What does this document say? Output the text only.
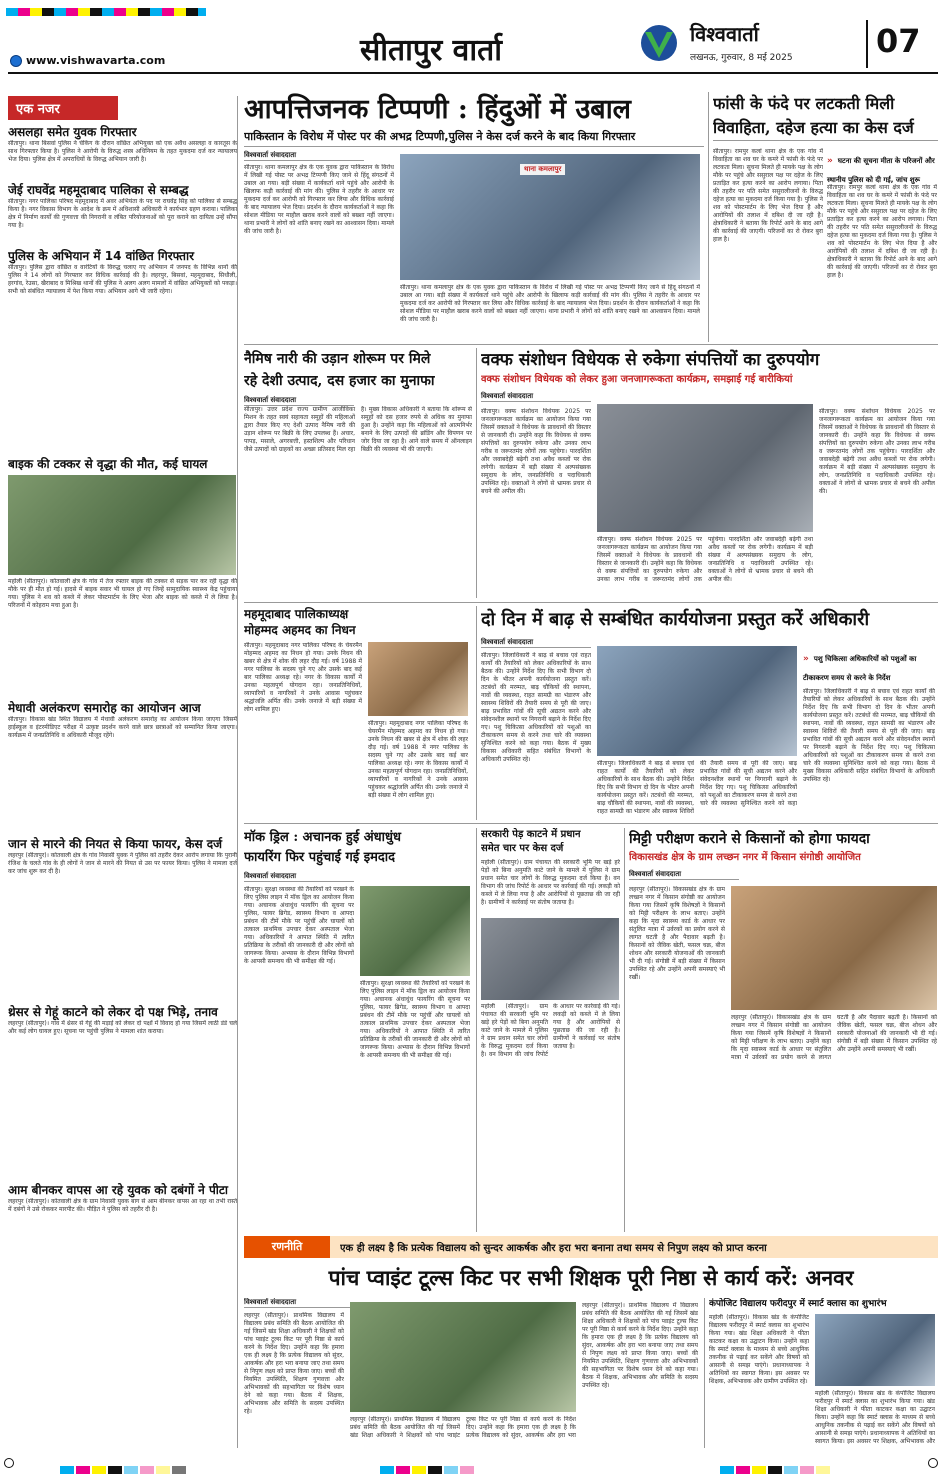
www.vishwavarta.com	सीतापुर वार्ता	विश्ववार्ता
लखनऊ, गुरुवार, 8 मई 2025	07
एक नजर
असलहा समेत युवक गिरफ्तार
सीतापुर। थाना बिसवां पुलिस ने चेकिंग के दौरान वांछित अभियुक्त को एक अवैध असलहा व कारतूस के साथ गिरफ्तार किया है। पुलिस ने आरोपी के विरुद्ध शस्त्र अधिनियम के तहत मुकदमा दर्ज कर न्यायालय भेज दिया। पुलिस क्षेत्र में अपराधियों के विरुद्ध अभियान जारी है।
जेई राघवेंद्र महमूदाबाद पालिका से सम्बद्ध
सीतापुर। नगर पालिका परिषद महमूदाबाद में अवर अभियंता के पद पर राघवेंद्र सिंह को पालिका से सम्बद्ध किया है। नगर विकास विभाग के आदेश के क्रम में अधिशासी अधिकारी ने कार्यभार ग्रहण कराया। पालिका क्षेत्र में निर्माण कार्यों की गुणवत्ता की निगरानी व लंबित परियोजनाओं को पूरा कराने का दायित्व उन्हें सौंपा गया है।
पुलिस के अभियान में 14 वांछित गिरफ्तार
सीतापुर। पुलिस द्वारा वांछित व वारंटियों के विरुद्ध चलाए गए अभियान में जनपद के विभिन्न थानों की पुलिस ने 14 लोगों को गिरफ्तार कर विधिक कार्रवाई की है। लहरपुर, बिसवां, महमूदाबाद, सिधौली, हरगांव, रेउसा, खैराबाद व मिश्रिख थानों की पुलिस ने अलग अलग मामलों में वांछित अभियुक्तों को पकड़ा। सभी को संबंधित न्यायालय में पेश किया गया। अभियान आगे भी जारी रहेगा।
बाइक की टक्कर से वृद्धा की मौत, कई घायल
महोली (सीतापुर)। कोतवाली क्षेत्र के गांव में तेज रफ्तार बाइक की टक्कर से सड़क पार कर रही वृद्धा की मौके पर ही मौत हो गई। हादसे में बाइक सवार भी घायल हो गए जिन्हें सामुदायिक स्वास्थ्य केंद्र पहुंचाया गया। पुलिस ने शव को कब्जे में लेकर पोस्टमार्टम के लिए भेजा और बाइक को कब्जे में ले लिया है। परिजनों में कोहराम मचा हुआ है।
मेधावी अलंकरण समारोह का आयोजन आज
सीतापुर। विकास खंड स्थित विद्यालय में मेधावी अलंकरण समारोह का आयोजन किया जाएगा जिसमें हाईस्कूल व इंटरमीडिएट परीक्षा में उत्कृष्ट प्रदर्शन करने वाले छात्र छात्राओं को सम्मानित किया जाएगा। कार्यक्रम में जनप्रतिनिधि व अधिकारी मौजूद रहेंगे।
जान से मारने की नियत से किया फायर, केस दर्ज
लहरपुर (सीतापुर)। कोतवाली क्षेत्र के गांव निवासी युवक ने पुलिस को तहरीर देकर आरोप लगाया कि पुरानी रंजिश के चलते गांव के ही लोगों ने जान से मारने की नियत से उस पर फायर किया। पुलिस ने मामला दर्ज कर जांच शुरू कर दी है।
थ्रेसर से गेहूं काटने को लेकर दो पक्ष भिड़े, तनाव
लहरपुर (सीतापुर)। गांव में थ्रेसर से गेहूं की मड़ाई को लेकर दो पक्षों में विवाद हो गया जिसमें लाठी डंडे चले और कई लोग घायल हुए। सूचना पर पहुंची पुलिस ने मामला शांत कराया।
आम बीनकर वापस आ रहे युवक को दबंगों ने पीटा
लहरपुर (सीतापुर)। कोतवाली क्षेत्र के ग्राम निवासी युवक बाग से आम बीनकर वापस आ रहा था तभी रास्ते में दबंगों ने उसे रोककर मारपीट की। पीड़ित ने पुलिस को तहरीर दी है।
आपत्तिजनक टिप्पणी : हिंदुओं में उबाल
पाकिस्तान के विरोध में पोस्ट पर की अभद्र टिप्पणी,पुलिस ने केस दर्ज करने के बाद किया गिरफ्तार
विश्ववार्ता संवाददाता
सीतापुर। थाना कमलापुर क्षेत्र के एक युवक द्वारा पाकिस्तान के विरोध में लिखी गई पोस्ट पर अभद्र टिप्पणी किए जाने से हिंदू संगठनों में उबाल आ गया। बड़ी संख्या में कार्यकर्ता थाने पहुंचे और आरोपी के खिलाफ कड़ी कार्रवाई की मांग की। पुलिस ने तहरीर के आधार पर मुकदमा दर्ज कर आरोपी को गिरफ्तार कर लिया और विधिक कार्रवाई के बाद न्यायालय भेज दिया। प्रदर्शन के दौरान कार्यकर्ताओं ने कहा कि सोशल मीडिया पर माहौल खराब करने वालों को बख्शा नहीं जाएगा। थाना प्रभारी ने लोगों को शांति बनाए रखने का आश्वासन दिया। मामले की जांच जारी है।
थाना कमलापुर
सीतापुर। थाना कमलापुर क्षेत्र के एक युवक द्वारा पाकिस्तान के विरोध में लिखी गई पोस्ट पर अभद्र टिप्पणी किए जाने से हिंदू संगठनों में उबाल आ गया। बड़ी संख्या में कार्यकर्ता थाने पहुंचे और आरोपी के खिलाफ कड़ी कार्रवाई की मांग की। पुलिस ने तहरीर के आधार पर मुकदमा दर्ज कर आरोपी को गिरफ्तार कर लिया और विधिक कार्रवाई के बाद न्यायालय भेज दिया। प्रदर्शन के दौरान कार्यकर्ताओं ने कहा कि सोशल मीडिया पर माहौल खराब करने वालों को बख्शा नहीं जाएगा। थाना प्रभारी ने लोगों को शांति बनाए रखने का आश्वासन दिया। मामले की जांच जारी है।
फांसी के फंदे पर लटकती मिली
विवाहिता, दहेज हत्या का केस दर्ज
सीतापुर। रामपुर कलां थाना क्षेत्र के एक गांव में विवाहिता का शव घर के कमरे में फांसी के फंदे पर लटकता मिला। सूचना मिलते ही मायके पक्ष के लोग मौके पर पहुंचे और ससुराल पक्ष पर दहेज के लिए प्रताड़ित कर हत्या करने का आरोप लगाया। पिता की तहरीर पर पति समेत ससुरालीजनों के विरुद्ध दहेज हत्या का मुकदमा दर्ज किया गया है। पुलिस ने शव को पोस्टमार्टम के लिए भेज दिया है और आरोपियों की तलाश में दबिश दी जा रही है। क्षेत्राधिकारी ने बताया कि रिपोर्ट आने के बाद आगे की कार्रवाई की जाएगी। परिजनों का रो रोकर बुरा हाल है।
» घटना की सूचना मीता के परिजनों और स्थानीय पुलिस को दी गई, जांच शुरू
सीतापुर। रामपुर कलां थाना क्षेत्र के एक गांव में विवाहिता का शव घर के कमरे में फांसी के फंदे पर लटकता मिला। सूचना मिलते ही मायके पक्ष के लोग मौके पर पहुंचे और ससुराल पक्ष पर दहेज के लिए प्रताड़ित कर हत्या करने का आरोप लगाया। पिता की तहरीर पर पति समेत ससुरालीजनों के विरुद्ध दहेज हत्या का मुकदमा दर्ज किया गया है। पुलिस ने शव को पोस्टमार्टम के लिए भेज दिया है और आरोपियों की तलाश में दबिश दी जा रही है। क्षेत्राधिकारी ने बताया कि रिपोर्ट आने के बाद आगे की कार्रवाई की जाएगी। परिजनों का रो रोकर बुरा हाल है।
नैमिष नारी की उड़ान शोरूम पर मिले
रहे देशी उत्पाद, दस हजार का मुनाफा
विश्ववार्ता संवाददाता
सीतापुर। उत्तर प्रदेश राज्य ग्रामीण आजीविका मिशन के तहत स्वयं सहायता समूहों की महिलाओं द्वारा तैयार किए गए देशी उत्पाद नैमिष नारी की उड़ान शोरूम पर बिक्री के लिए उपलब्ध हैं। अचार, पापड़, मसाले, अगरबत्ती, हस्तशिल्प और परिधान जैसे उत्पादों को ग्राहकों का अच्छा प्रतिसाद मिल रहा है। मुख्य विकास अधिकारी ने बताया कि शोरूम से समूहों को दस हजार रुपये से अधिक का मुनाफा हुआ है। उन्होंने कहा कि महिलाओं को आत्मनिर्भर बनाने के लिए उत्पादों की ब्रांडिंग और विपणन पर जोर दिया जा रहा है। आने वाले समय में ऑनलाइन बिक्री की व्यवस्था भी की जाएगी।
वक्फ संशोधन विधेयक से रुकेगा संपत्तियों का दुरुपयोग
वक्फ संशोधन विधेयक को लेकर हुआ जनजागरूकता कार्यक्रम, समझाई गई बारीकियां
विश्ववार्ता संवाददाता
सीतापुर। वक्फ संशोधन विधेयक 2025 पर जनजागरूकता कार्यक्रम का आयोजन किया गया जिसमें वक्ताओं ने विधेयक के प्रावधानों की विस्तार से जानकारी दी। उन्होंने कहा कि विधेयक से वक्फ संपत्तियों का दुरुपयोग रुकेगा और उनका लाभ गरीब व जरूरतमंद लोगों तक पहुंचेगा। पारदर्शिता और जवाबदेही बढ़ेगी तथा अवैध कब्जों पर रोक लगेगी। कार्यक्रम में बड़ी संख्या में अल्पसंख्यक समुदाय के लोग, जनप्रतिनिधि व पदाधिकारी उपस्थित रहे। वक्ताओं ने लोगों से भ्रामक प्रचार से बचने की अपील की।
सीतापुर। वक्फ संशोधन विधेयक 2025 पर जनजागरूकता कार्यक्रम का आयोजन किया गया जिसमें वक्ताओं ने विधेयक के प्रावधानों की विस्तार से जानकारी दी। उन्होंने कहा कि विधेयक से वक्फ संपत्तियों का दुरुपयोग रुकेगा और उनका लाभ गरीब व जरूरतमंद लोगों तक पहुंचेगा। पारदर्शिता और जवाबदेही बढ़ेगी तथा अवैध कब्जों पर रोक लगेगी। कार्यक्रम में बड़ी संख्या में अल्पसंख्यक समुदाय के लोग, जनप्रतिनिधि व पदाधिकारी उपस्थित रहे। वक्ताओं ने लोगों से भ्रामक प्रचार से बचने की अपील की।
सीतापुर। वक्फ संशोधन विधेयक 2025 पर जनजागरूकता कार्यक्रम का आयोजन किया गया जिसमें वक्ताओं ने विधेयक के प्रावधानों की विस्तार से जानकारी दी। उन्होंने कहा कि विधेयक से वक्फ संपत्तियों का दुरुपयोग रुकेगा और उनका लाभ गरीब व जरूरतमंद लोगों तक पहुंचेगा। पारदर्शिता और जवाबदेही बढ़ेगी तथा अवैध कब्जों पर रोक लगेगी। कार्यक्रम में बड़ी संख्या में अल्पसंख्यक समुदाय के लोग, जनप्रतिनिधि व पदाधिकारी उपस्थित रहे। वक्ताओं ने लोगों से भ्रामक प्रचार से बचने की अपील की।
महमूदाबाद पालिकाध्यक्ष
मोहम्मद अहमद का निधन
सीतापुर। महमूदाबाद नगर पालिका परिषद के चेयरमैन मोहम्मद अहमद का निधन हो गया। उनके निधन की खबर से क्षेत्र में शोक की लहर दौड़ गई। वर्ष 1988 में नगर पालिका के सदस्य चुने गए और उसके बाद कई बार पालिका अध्यक्ष रहे। नगर के विकास कार्यों में उनका महत्वपूर्ण योगदान रहा। जनप्रतिनिधियों, व्यापारियों व नागरिकों ने उनके आवास पहुंचकर श्रद्धांजलि अर्पित की। उनके जनाजे में बड़ी संख्या में लोग शामिल हुए।
सीतापुर। महमूदाबाद नगर पालिका परिषद के चेयरमैन मोहम्मद अहमद का निधन हो गया। उनके निधन की खबर से क्षेत्र में शोक की लहर दौड़ गई। वर्ष 1988 में नगर पालिका के सदस्य चुने गए और उसके बाद कई बार पालिका अध्यक्ष रहे। नगर के विकास कार्यों में उनका महत्वपूर्ण योगदान रहा। जनप्रतिनिधियों, व्यापारियों व नागरिकों ने उनके आवास पहुंचकर श्रद्धांजलि अर्पित की। उनके जनाजे में बड़ी संख्या में लोग शामिल हुए।
दो दिन में बाढ़ से सम्बंधित कार्ययोजना प्रस्तुत करें अधिकारी
विश्ववार्ता संवाददाता
सीतापुर। जिलाधिकारी ने बाढ़ से बचाव एवं राहत कार्यों की तैयारियों को लेकर अधिकारियों के साथ बैठक की। उन्होंने निर्देश दिए कि सभी विभाग दो दिन के भीतर अपनी कार्ययोजना प्रस्तुत करें। तटबंधों की मरम्मत, बाढ़ चौकियों की स्थापना, नावों की व्यवस्था, राहत सामग्री का भंडारण और स्वास्थ्य शिविरों की तैयारी समय से पूरी की जाए। बाढ़ प्रभावित गांवों की सूची अद्यतन करने और संवेदनशील स्थानों पर निगरानी बढ़ाने के निर्देश दिए गए। पशु चिकित्सा अधिकारियों को पशुओं का टीकाकरण समय से करने तथा चारे की व्यवस्था सुनिश्चित करने को कहा गया। बैठक में मुख्य विकास अधिकारी सहित संबंधित विभागों के अधिकारी उपस्थित रहे।
सीतापुर। जिलाधिकारी ने बाढ़ से बचाव एवं राहत कार्यों की तैयारियों को लेकर अधिकारियों के साथ बैठक की। उन्होंने निर्देश दिए कि सभी विभाग दो दिन के भीतर अपनी कार्ययोजना प्रस्तुत करें। तटबंधों की मरम्मत, बाढ़ चौकियों की स्थापना, नावों की व्यवस्था, राहत सामग्री का भंडारण और स्वास्थ्य शिविरों की तैयारी समय से पूरी की जाए। बाढ़ प्रभावित गांवों की सूची अद्यतन करने और संवेदनशील स्थानों पर निगरानी बढ़ाने के निर्देश दिए गए। पशु चिकित्सा अधिकारियों को पशुओं का टीकाकरण समय से करने तथा चारे की व्यवस्था सुनिश्चित करने को कहा
» पशु चिकित्सा अधिकारियों को पशुओं का टीकाकरण समय से करने के निर्देश
सीतापुर। जिलाधिकारी ने बाढ़ से बचाव एवं राहत कार्यों की तैयारियों को लेकर अधिकारियों के साथ बैठक की। उन्होंने निर्देश दिए कि सभी विभाग दो दिन के भीतर अपनी कार्ययोजना प्रस्तुत करें। तटबंधों की मरम्मत, बाढ़ चौकियों की स्थापना, नावों की व्यवस्था, राहत सामग्री का भंडारण और स्वास्थ्य शिविरों की तैयारी समय से पूरी की जाए। बाढ़ प्रभावित गांवों की सूची अद्यतन करने और संवेदनशील स्थानों पर निगरानी बढ़ाने के निर्देश दिए गए। पशु चिकित्सा अधिकारियों को पशुओं का टीकाकरण समय से करने तथा चारे की व्यवस्था सुनिश्चित करने को कहा गया। बैठक में मुख्य विकास अधिकारी सहित संबंधित विभागों के अधिकारी उपस्थित रहे।
मॉक ड्रिल : अचानक हुई अंधाधुंध
फायरिंग फिर पहुंचाई गई इमदाद
विश्ववार्ता संवाददाता
सीतापुर। सुरक्षा व्यवस्था की तैयारियों को परखने के लिए पुलिस लाइन में मॉक ड्रिल का आयोजन किया गया। अचानक अंधाधुंध फायरिंग की सूचना पर पुलिस, फायर ब्रिगेड, स्वास्थ्य विभाग व आपदा प्रबंधन की टीमें मौके पर पहुंचीं और घायलों को तत्काल प्राथमिक उपचार देकर अस्पताल भेजा गया। अधिकारियों ने आपात स्थिति में त्वरित प्रतिक्रिया के तरीकों की जानकारी दी और लोगों को जागरूक किया। अभ्यास के दौरान विभिन्न विभागों के आपसी समन्वय की भी समीक्षा की गई।
सीतापुर। सुरक्षा व्यवस्था की तैयारियों को परखने के लिए पुलिस लाइन में मॉक ड्रिल का आयोजन किया गया। अचानक अंधाधुंध फायरिंग की सूचना पर पुलिस, फायर ब्रिगेड, स्वास्थ्य विभाग व आपदा प्रबंधन की टीमें मौके पर पहुंचीं और घायलों को तत्काल प्राथमिक उपचार देकर अस्पताल भेजा गया। अधिकारियों ने आपात स्थिति में त्वरित प्रतिक्रिया के तरीकों की जानकारी दी और लोगों को जागरूक किया। अभ्यास के दौरान विभिन्न विभागों के आपसी समन्वय की भी समीक्षा की गई।
सरकारी पेड़ काटने में प्रधान
समेत चार पर केस दर्ज
महोली (सीतापुर)। ग्राम पंचायत की सरकारी भूमि पर खड़े हरे पेड़ों को बिना अनुमति काटे जाने के मामले में पुलिस ने ग्राम प्रधान समेत चार लोगों के विरुद्ध मुकदमा दर्ज किया है। वन विभाग की जांच रिपोर्ट के आधार पर कार्रवाई की गई। लकड़ी को कब्जे में ले लिया गया है और आरोपियों से पूछताछ की जा रही है। ग्रामीणों ने कार्रवाई पर संतोष जताया है।
महोली (सीतापुर)। ग्राम पंचायत की सरकारी भूमि पर खड़े हरे पेड़ों को बिना अनुमति काटे जाने के मामले में पुलिस ने ग्राम प्रधान समेत चार लोगों के विरुद्ध मुकदमा दर्ज किया है। वन विभाग की जांच रिपोर्ट के आधार पर कार्रवाई की गई। लकड़ी को कब्जे में ले लिया गया है और आरोपियों से पूछताछ की जा रही है। ग्रामीणों ने कार्रवाई पर संतोष जताया है।
मिट्टी परीक्षण कराने से किसानों को होगा फायदा
विकासखंड क्षेत्र के ग्राम लच्छन नगर में किसान संगोष्ठी आयोजित
विश्ववार्ता संवाददाता
लहरपुर (सीतापुर)। विकासखंड क्षेत्र के ग्राम लच्छन नगर में किसान संगोष्ठी का आयोजन किया गया जिसमें कृषि विशेषज्ञों ने किसानों को मिट्टी परीक्षण के लाभ बताए। उन्होंने कहा कि मृदा स्वास्थ्य कार्ड के आधार पर संतुलित मात्रा में उर्वरकों का प्रयोग करने से लागत घटती है और पैदावार बढ़ती है। किसानों को जैविक खेती, फसल चक्र, बीज शोधन और सरकारी योजनाओं की जानकारी भी दी गई। संगोष्ठी में बड़ी संख्या में किसान उपस्थित रहे और उन्होंने अपनी समस्याएं भी रखीं।
लहरपुर (सीतापुर)। विकासखंड क्षेत्र के ग्राम लच्छन नगर में किसान संगोष्ठी का आयोजन किया गया जिसमें कृषि विशेषज्ञों ने किसानों को मिट्टी परीक्षण के लाभ बताए। उन्होंने कहा कि मृदा स्वास्थ्य कार्ड के आधार पर संतुलित मात्रा में उर्वरकों का प्रयोग करने से लागत घटती है और पैदावार बढ़ती है। किसानों को जैविक खेती, फसल चक्र, बीज शोधन और सरकारी योजनाओं की जानकारी भी दी गई। संगोष्ठी में बड़ी संख्या में किसान उपस्थित रहे और उन्होंने अपनी समस्याएं भी रखीं।
रणनीति	एक ही लक्ष्य है कि प्रत्येक विद्यालय को सुन्दर आकर्षक और हरा भरा बनाना तथा समय से निपुण लक्ष्य को प्राप्त करना
पांच प्वाइंट टूल्स किट पर सभी शिक्षक पूरी निष्ठा से कार्य करें: अनवर
विश्ववार्ता संवाददाता
लहरपुर (सीतापुर)। प्राथमिक विद्यालय में विद्यालय प्रबंध समिति की बैठक आयोजित की गई जिसमें खंड शिक्षा अधिकारी ने शिक्षकों को पांच प्वाइंट टूल्स किट पर पूरी निष्ठा से कार्य करने के निर्देश दिए। उन्होंने कहा कि हमारा एक ही लक्ष्य है कि प्रत्येक विद्यालय को सुंदर, आकर्षक और हरा भरा बनाया जाए तथा समय से निपुण लक्ष्य को प्राप्त किया जाए। बच्चों की नियमित उपस्थिति, शिक्षण गुणवत्ता और अभिभावकों की सहभागिता पर विशेष ध्यान देने को कहा गया। बैठक में शिक्षक, अभिभावक और समिति के सदस्य उपस्थित रहे।
लहरपुर (सीतापुर)। प्राथमिक विद्यालय में विद्यालय प्रबंध समिति की बैठक आयोजित की गई जिसमें खंड शिक्षा अधिकारी ने शिक्षकों को पांच प्वाइंट टूल्स किट पर पूरी निष्ठा से कार्य करने के निर्देश दिए। उन्होंने कहा कि हमारा एक ही लक्ष्य है कि प्रत्येक विद्यालय को सुंदर, आकर्षक और हरा भरा
लहरपुर (सीतापुर)। प्राथमिक विद्यालय में विद्यालय प्रबंध समिति की बैठक आयोजित की गई जिसमें खंड शिक्षा अधिकारी ने शिक्षकों को पांच प्वाइंट टूल्स किट पर पूरी निष्ठा से कार्य करने के निर्देश दिए। उन्होंने कहा कि हमारा एक ही लक्ष्य है कि प्रत्येक विद्यालय को सुंदर, आकर्षक और हरा भरा बनाया जाए तथा समय से निपुण लक्ष्य को प्राप्त किया जाए। बच्चों की नियमित उपस्थिति, शिक्षण गुणवत्ता और अभिभावकों की सहभागिता पर विशेष ध्यान देने को कहा गया। बैठक में शिक्षक, अभिभावक और समिति के सदस्य उपस्थित रहे।
कंपोजिट विद्यालय फरीदपुर में स्मार्ट क्लास का शुभारंभ
महोली (सीतापुर)। विकास खंड के कंपोजिट विद्यालय फरीदपुर में स्मार्ट क्लास का शुभारंभ किया गया। खंड शिक्षा अधिकारी ने फीता काटकर कक्षा का उद्घाटन किया। उन्होंने कहा कि स्मार्ट क्लास के माध्यम से बच्चे आधुनिक तकनीक से पढ़ाई कर सकेंगे और विषयों को आसानी से समझ पाएंगे। प्रधानाध्यापक ने अतिथियों का स्वागत किया। इस अवसर पर शिक्षक, अभिभावक और ग्रामीण उपस्थित रहे।
महोली (सीतापुर)। विकास खंड के कंपोजिट विद्यालय फरीदपुर में स्मार्ट क्लास का शुभारंभ किया गया। खंड शिक्षा अधिकारी ने फीता काटकर कक्षा का उद्घाटन किया। उन्होंने कहा कि स्मार्ट क्लास के माध्यम से बच्चे आधुनिक तकनीक से पढ़ाई कर सकेंगे और विषयों को आसानी से समझ पाएंगे। प्रधानाध्यापक ने अतिथियों का स्वागत किया। इस अवसर पर शिक्षक, अभिभावक और
